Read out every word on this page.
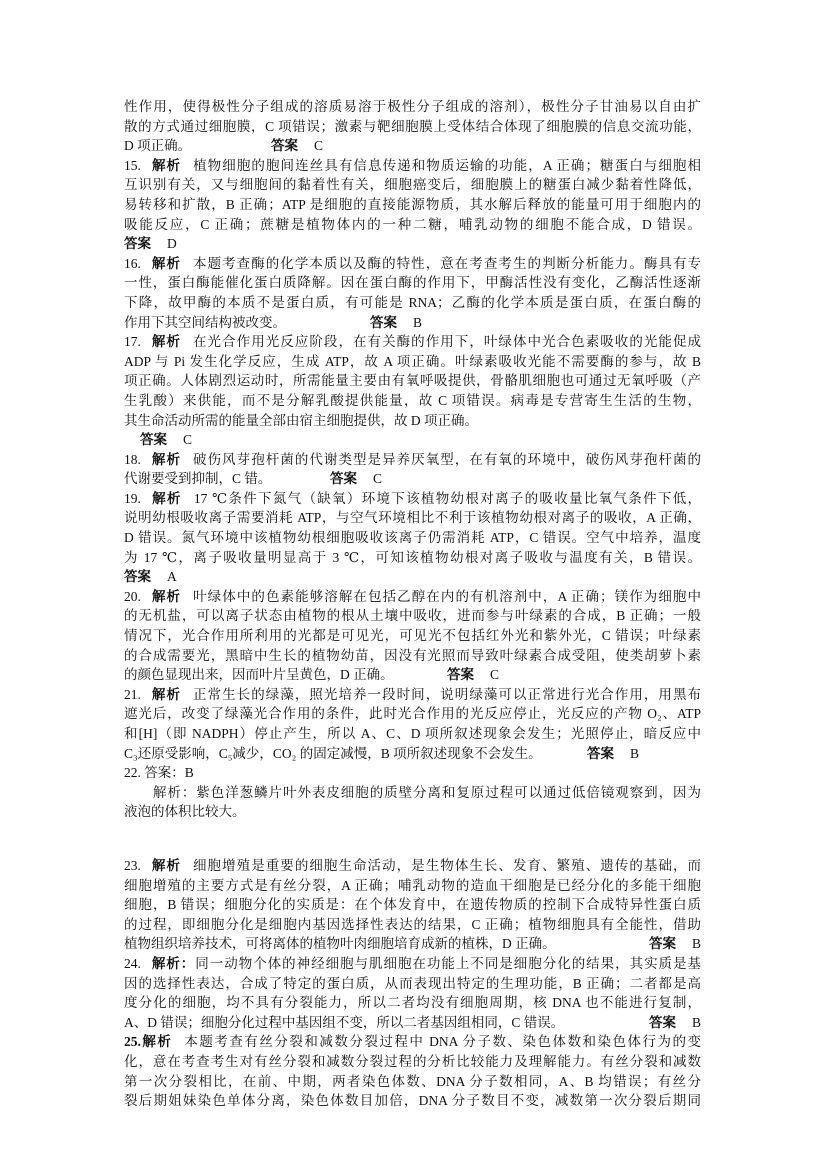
性作用，使得极性分子组成的溶质易溶于极性分子组成的溶剂），极性分子甘油易以自由扩
散的方式通过细胞膜，C 项错误；激素与靶细胞膜上受体结合体现了细胞膜的信息交流功能，
D 项正确。	答案 C
15. 解析 植物细胞的胞间连丝具有信息传递和物质运输的功能，A 正确；糖蛋白与细胞相
互识别有关，又与细胞间的黏着性有关，细胞癌变后，细胞膜上的糖蛋白减少黏着性降低，
易转移和扩散，B 正确；ATP 是细胞的直接能源物质，其水解后释放的能量可用于细胞内的
吸能反应，C 正确；蔗糖是植物体内的一种二糖，哺乳动物的细胞不能合成，D 错误。
答案 D
16. 解析 本题考查酶的化学本质以及酶的特性，意在考查考生的判断分析能力。酶具有专
一性，蛋白酶能催化蛋白质降解。因在蛋白酶的作用下，甲酶活性没有变化，乙酶活性逐渐
下降，故甲酶的本质不是蛋白质，有可能是 RNA；乙酶的化学本质是蛋白质，在蛋白酶的
作用下其空间结构被改变。	答案 B
17. 解析 在光合作用光反应阶段，在有关酶的作用下，叶绿体中光合色素吸收的光能促成
ADP 与 Pi 发生化学反应，生成 ATP，故 A 项正确。叶绿素吸收光能不需要酶的参与，故 B
项正确。人体剧烈运动时，所需能量主要由有氧呼吸提供，骨骼肌细胞也可通过无氧呼吸（产
生乳酸）来供能，而不是分解乳酸提供能量，故 C 项错误。病毒是专营寄生生活的生物，
其生命活动所需的能量全部由宿主细胞提供，故 D 项正确。
答案 C
18. 解析 破伤风芽孢杆菌的代谢类型是异养厌氧型，在有氧的环境中，破伤风芽孢杆菌的
代谢要受到抑制，C 错。	答案 C
19. 解析 17 ℃条件下氮气（缺氧）环境下该植物幼根对离子的吸收量比氧气条件下低，
说明幼根吸收离子需要消耗 ATP，与空气环境相比不利于该植物幼根对离子的吸收，A 正确，
D 错误。氮气环境中该植物幼根细胞吸收该离子仍需消耗 ATP，C 错误。空气中培养，温度
为 17 ℃，离子吸收量明显高于 3 ℃，可知该植物幼根对离子吸收与温度有关，B 错误。
答案 A
20. 解析 叶绿体中的色素能够溶解在包括乙醇在内的有机溶剂中，A 正确；镁作为细胞中
的无机盐，可以离子状态由植物的根从土壤中吸收，进而参与叶绿素的合成，B 正确；一般
情况下，光合作用所利用的光都是可见光，可见光不包括红外光和紫外光，C 错误；叶绿素
的合成需要光，黑暗中生长的植物幼苗，因没有光照而导致叶绿素合成受阻，使类胡萝卜素
的颜色显现出来，因而叶片呈黄色，D 正确。	答案 C
21. 解析 正常生长的绿藻，照光培养一段时间，说明绿藻可以正常进行光合作用，用黑布
遮光后，改变了绿藻光合作用的条件，此时光合作用的光反应停止，光反应的产物 O₂、ATP
和[H]（即 NADPH）停止产生，所以 A、C、D 项所叙述现象会发生；光照停止，暗反应中
C₃还原受影响，C₅减少，CO₂ 的固定减慢，B 项所叙述现象不会发生。	答案 B
22. 答案：B
解析：紫色洋葱鳞片叶外表皮细胞的质壁分离和复原过程可以通过低倍镜观察到，因为
液泡的体积比较大。
23. 解析 细胞增殖是重要的细胞生命活动，是生物体生长、发育、繁殖、遗传的基础，而
细胞增殖的主要方式是有丝分裂，A 正确；哺乳动物的造血干细胞是已经分化的多能干细胞
细胞，B 错误；细胞分化的实质是：在个体发育中，在遗传物质的控制下合成特异性蛋白质
的过程，即细胞分化是细胞内基因选择性表达的结果，C 正确；植物细胞具有全能性，借助
植物组织培养技术，可将离体的植物叶肉细胞培育成新的植株，D 正确。	答案 B
24. 解析：同一动物个体的神经细胞与肌细胞在功能上不同是细胞分化的结果，其实质是基
因的选择性表达，合成了特定的蛋白质，从而表现出特定的生理功能，B 正确；二者都是高
度分化的细胞，均不具有分裂能力，所以二者均没有细胞周期，核 DNA 也不能进行复制，
A、D 错误；细胞分化过程中基因组不变，所以二者基因组相同，C 错误。	答案 B
25.解析 本题考查有丝分裂和减数分裂过程中 DNA 分子数、染色体数和染色体行为的变
化，意在考查考生对有丝分裂和减数分裂过程的分析比较能力及理解能力。有丝分裂和减数
第一次分裂相比，在前、中期，两者染色体数、DNA 分子数相同，A、B 均错误；有丝分
裂后期姐妹染色单体分离，染色体数目加倍，DNA 分子数目不变，减数第一次分裂后期同
